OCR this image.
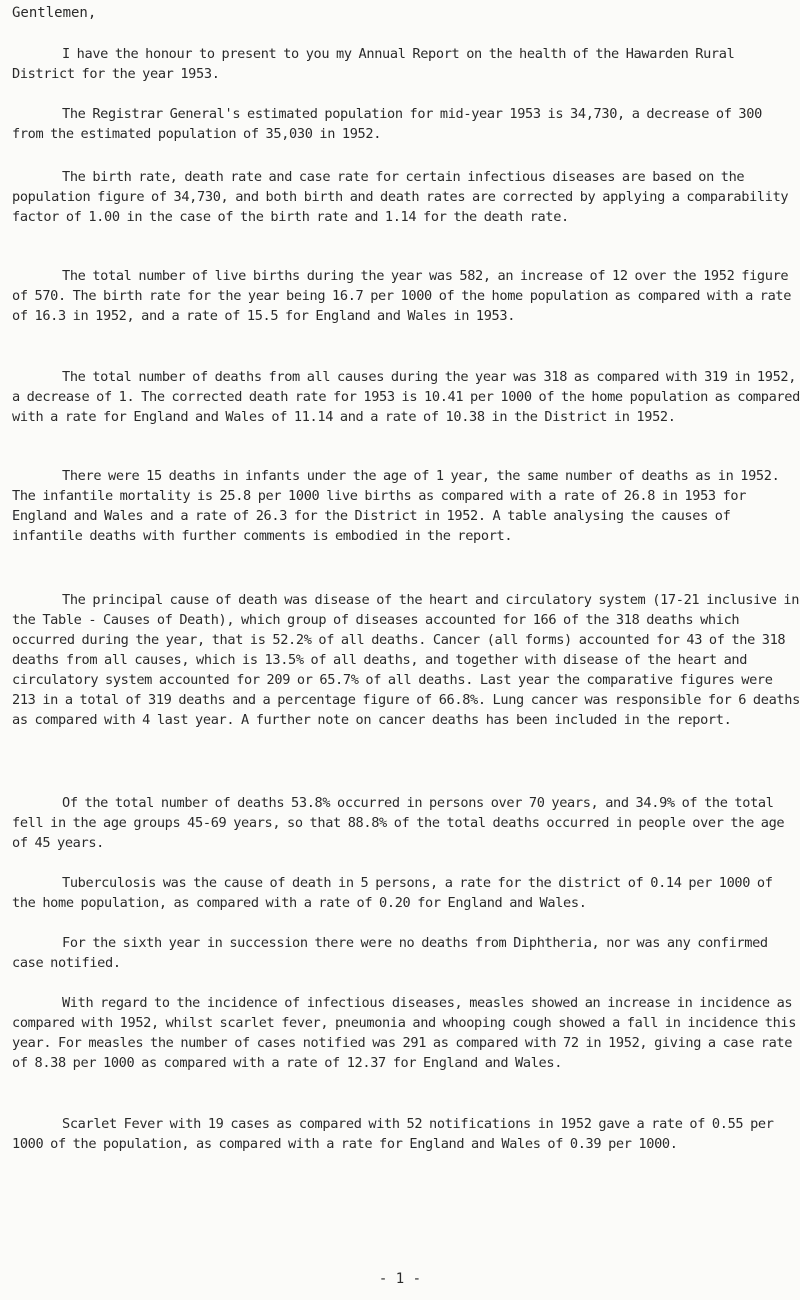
Gentlemen,

I have the honour to present to you my Annual Report on the health of the Hawarden Rural District for the year 1953.

The Registrar General's estimated population for mid-year 1953 is 34,730, a decrease of 300 from the estimated population of 35,030 in 1952.

The birth rate, death rate and case rate for certain infectious diseases are based on the population figure of 34,730, and both birth and death rates are corrected by applying a comparability factor of 1.00 in the case of the birth rate and 1.14 for the death rate.

The total number of live births during the year was 582, an increase of 12 over the 1952 figure of 570. The birth rate for the year being 16.7 per 1000 of the home population as compared with a rate of 16.3 in 1952, and a rate of 15.5 for England and Wales in 1953.

The total number of deaths from all causes during the year was 318 as compared with 319 in 1952, a decrease of 1. The corrected death rate for 1953 is 10.41 per 1000 of the home population as compared with a rate for England and Wales of 11.14 and a rate of 10.38 in the District in 1952.

There were 15 deaths in infants under the age of 1 year, the same number of deaths as in 1952. The infantile mortality is 25.8 per 1000 live births as compared with a rate of 26.8 in 1953 for England and Wales and a rate of 26.3 for the District in 1952. A table analysing the causes of infantile deaths with further comments is embodied in the report.

The principal cause of death was disease of the heart and circulatory system (17-21 inclusive in the Table - Causes of Death), which group of diseases accounted for 166 of the 318 deaths which occurred during the year, that is 52.2% of all deaths. Cancer (all forms) accounted for 43 of the 318 deaths from all causes, which is 13.5% of all deaths, and together with disease of the heart and circulatory system accounted for 209 or 65.7% of all deaths. Last year the comparative figures were 213 in a total of 319 deaths and a percentage figure of 66.8%. Lung cancer was responsible for 6 deaths as compared with 4 last year. A further note on cancer deaths has been included in the report.

Of the total number of deaths 53.8% occurred in persons over 70 years, and 34.9% of the total fell in the age groups 45-69 years, so that 88.8% of the total deaths occurred in people over the age of 45 years.

Tuberculosis was the cause of death in 5 persons, a rate for the district of 0.14 per 1000 of the home population, as compared with a rate of 0.20 for England and Wales.

For the sixth year in succession there were no deaths from Diphtheria, nor was any confirmed case notified.

With regard to the incidence of infectious diseases, measles showed an increase in incidence as compared with 1952, whilst scarlet fever, pneumonia and whooping cough showed a fall in incidence this year. For measles the number of cases notified was 291 as compared with 72 in 1952, giving a case rate of 8.38 per 1000 as compared with a rate of 12.37 for England and Wales.

Scarlet Fever with 19 cases as compared with 52 notifications in 1952 gave a rate of 0.55 per 1000 of the population, as compared with a rate for England and Wales of 0.39 per 1000.

- 1 -
